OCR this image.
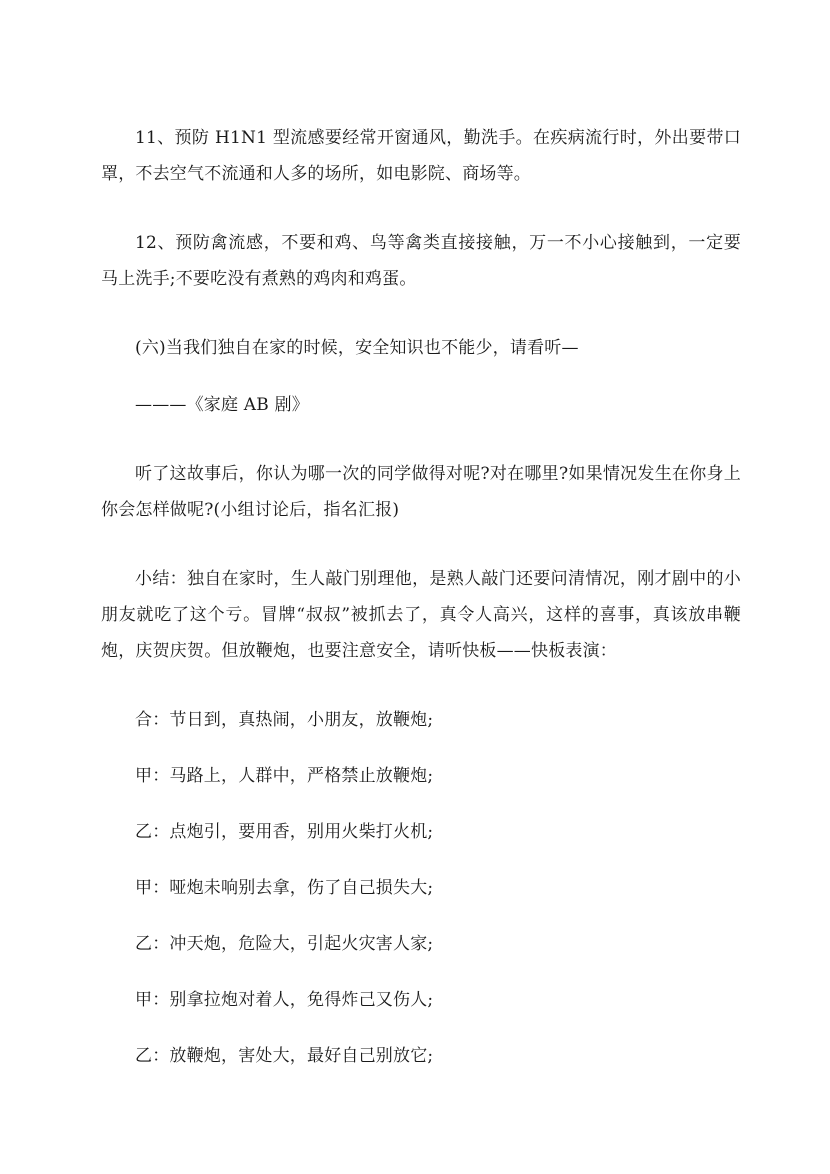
11、预防 H1N1 型流感要经常开窗通风，勤洗手。在疾病流行时，外出要带口罩，不去空气不流通和人多的场所，如电影院、商场等。

12、预防禽流感，不要和鸡、鸟等禽类直接接触，万一不小心接触到，一定要马上洗手;不要吃没有煮熟的鸡肉和鸡蛋。

(六)当我们独自在家的时候，安全知识也不能少，请看听—

———《家庭 AB 剧》

听了这故事后，你认为哪一次的同学做得对呢?对在哪里?如果情况发生在你身上你会怎样做呢?(小组讨论后，指名汇报)

小结：独自在家时，生人敲门别理他，是熟人敲门还要问清情况，刚才剧中的小朋友就吃了这个亏。冒牌“叔叔”被抓去了，真令人高兴，这样的喜事，真该放串鞭炮，庆贺庆贺。但放鞭炮，也要注意安全，请听快板——快板表演：

合：节日到，真热闹，小朋友，放鞭炮;

甲：马路上，人群中，严格禁止放鞭炮;

乙：点炮引，要用香，别用火柴打火机;

甲：哑炮未响别去拿，伤了自己损失大;

乙：冲天炮，危险大，引起火灾害人家;

甲：别拿拉炮对着人，免得炸己又伤人;

乙：放鞭炮，害处大，最好自己别放它;
